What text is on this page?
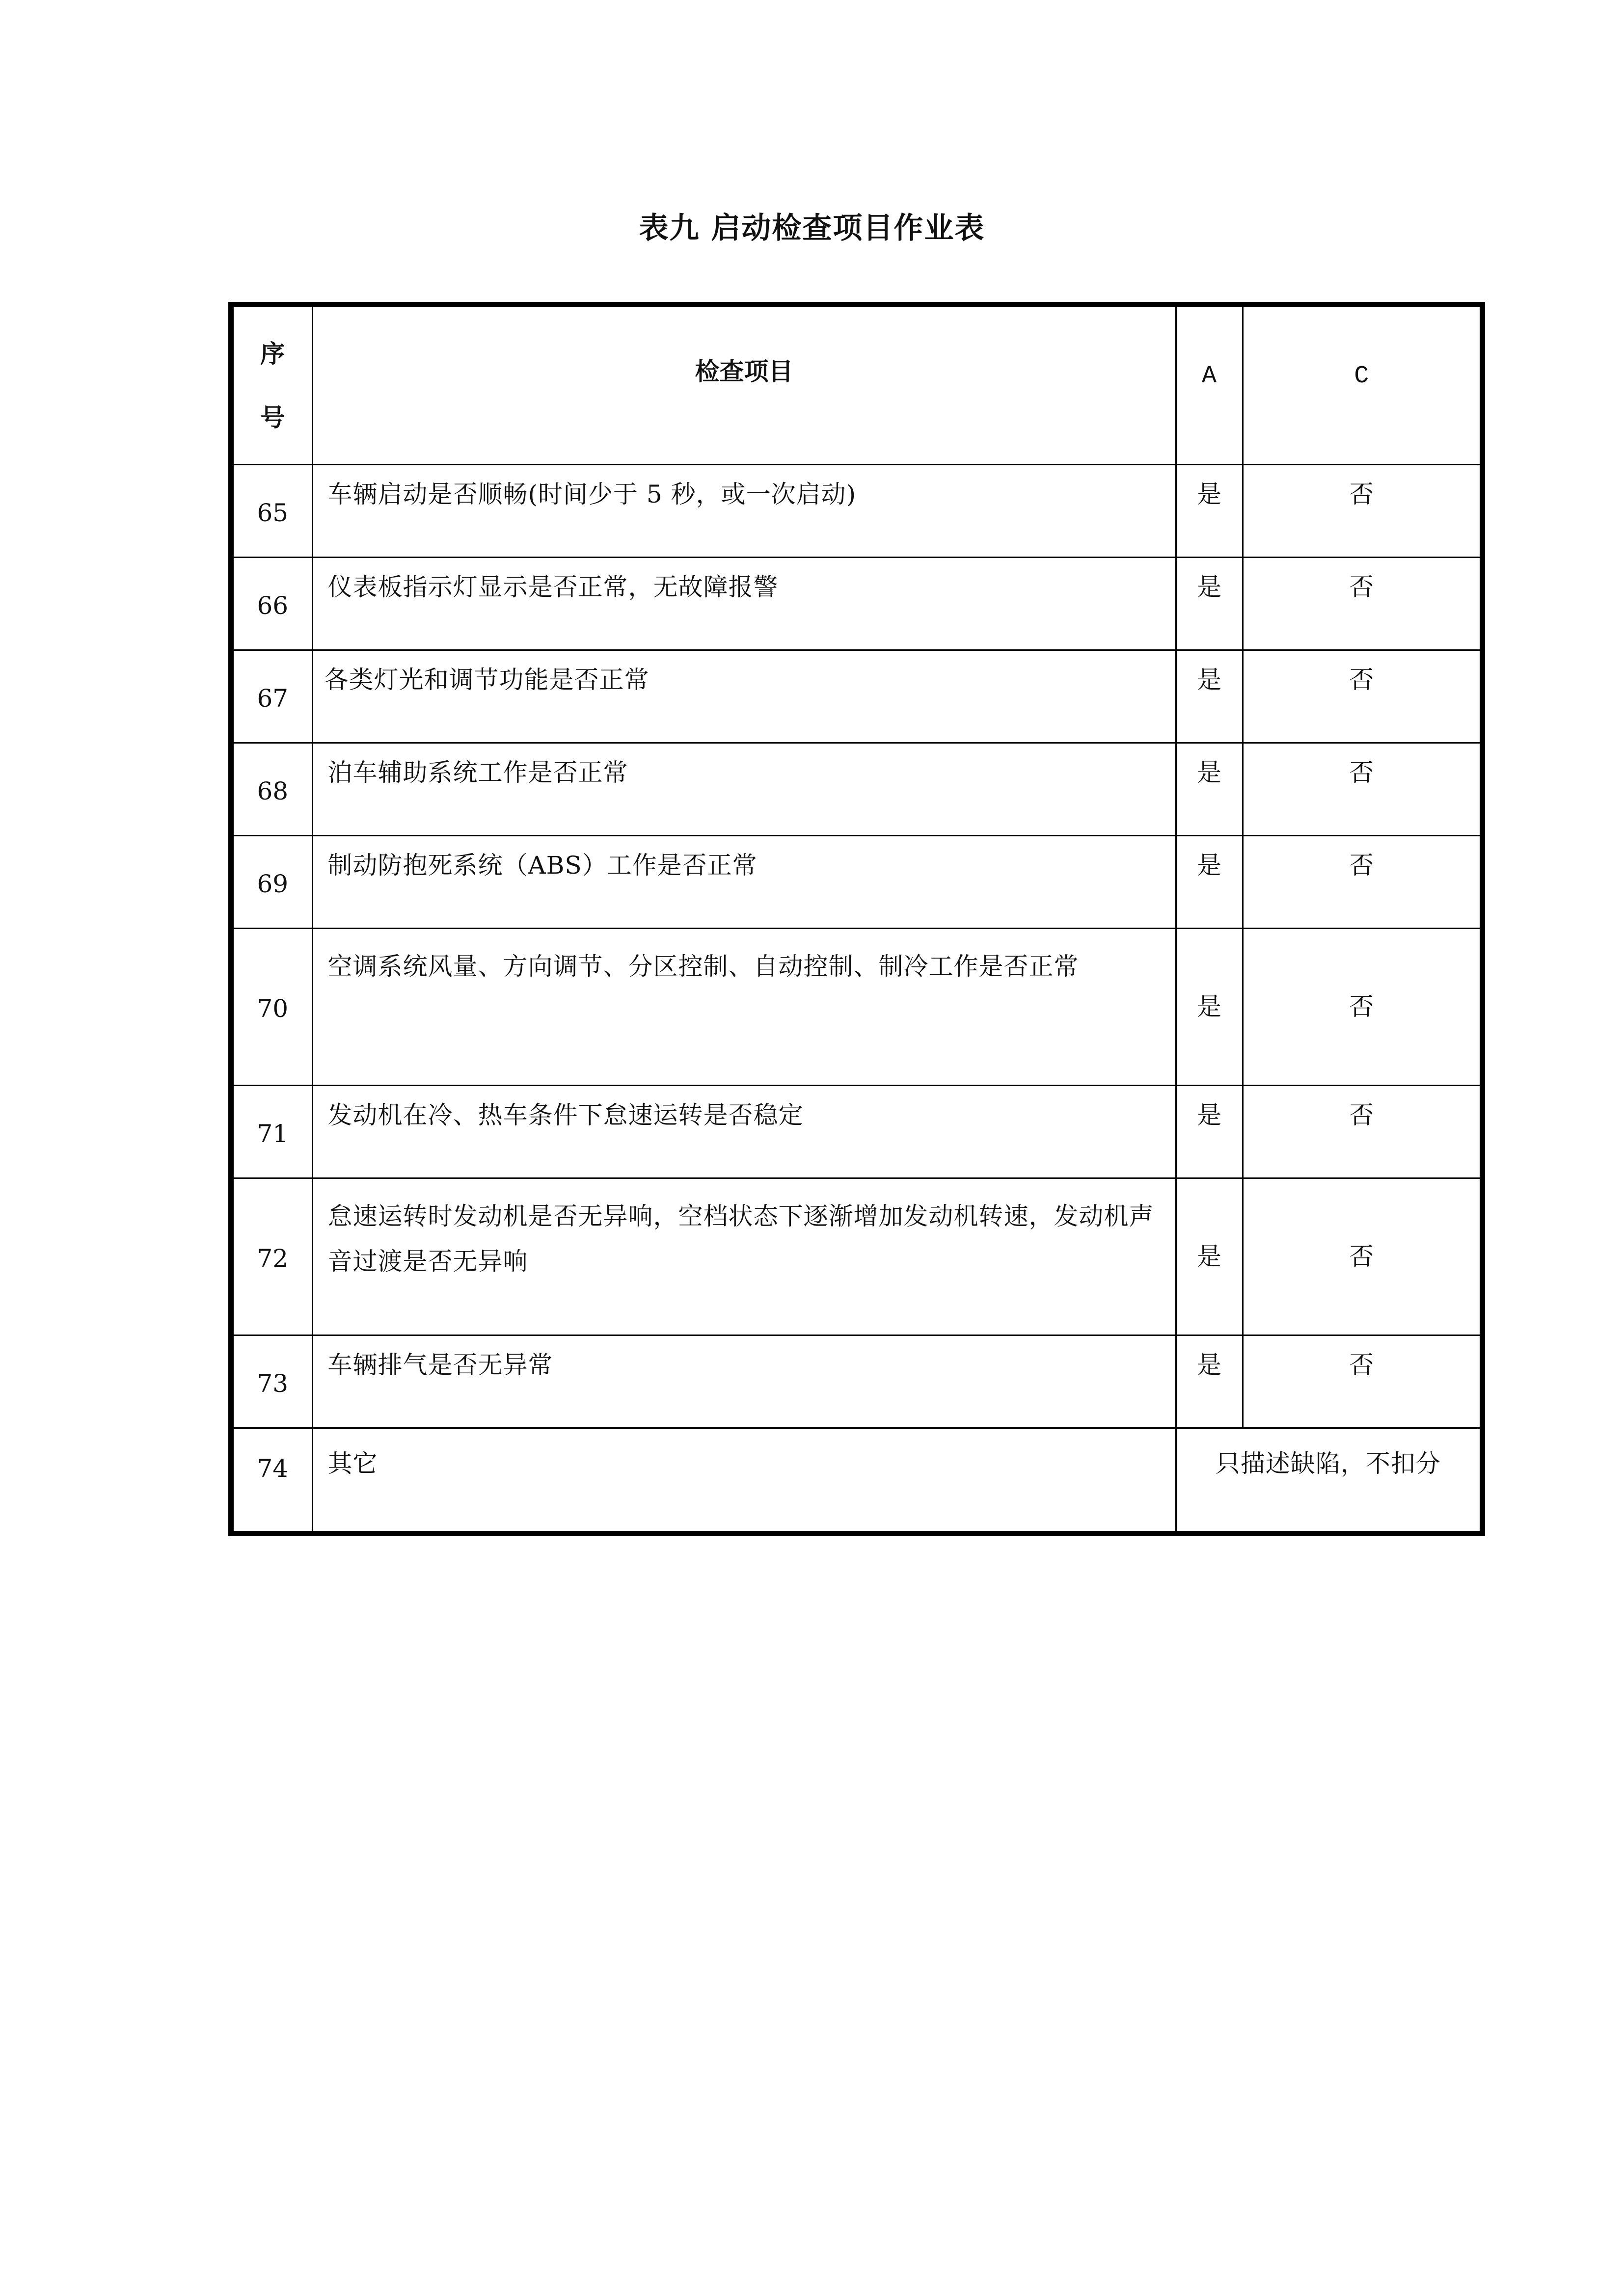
表九 启动检查项目作业表
序
号	检查项目	A	C
65	车辆启动是否顺畅(时间少于 5 秒，或一次启动)	是	否
66	仪表板指示灯显示是否正常，无故障报警	是	否
67	各类灯光和调节功能是否正常	是	否
68	泊车辅助系统工作是否正常	是	否
69	制动防抱死系统（ABS）工作是否正常	是	否
70	空调系统风量、方向调节、分区控制、自动控制、制冷工作是否正常	是	否
71	发动机在冷、热车条件下怠速运转是否稳定	是	否
72	怠速运转时发动机是否无异响，空档状态下逐渐增加发动机转速，发动机声音过渡是否无异响	是	否
73	车辆排气是否无异常	是	否
74	其它	只描述缺陷，不扣分	
